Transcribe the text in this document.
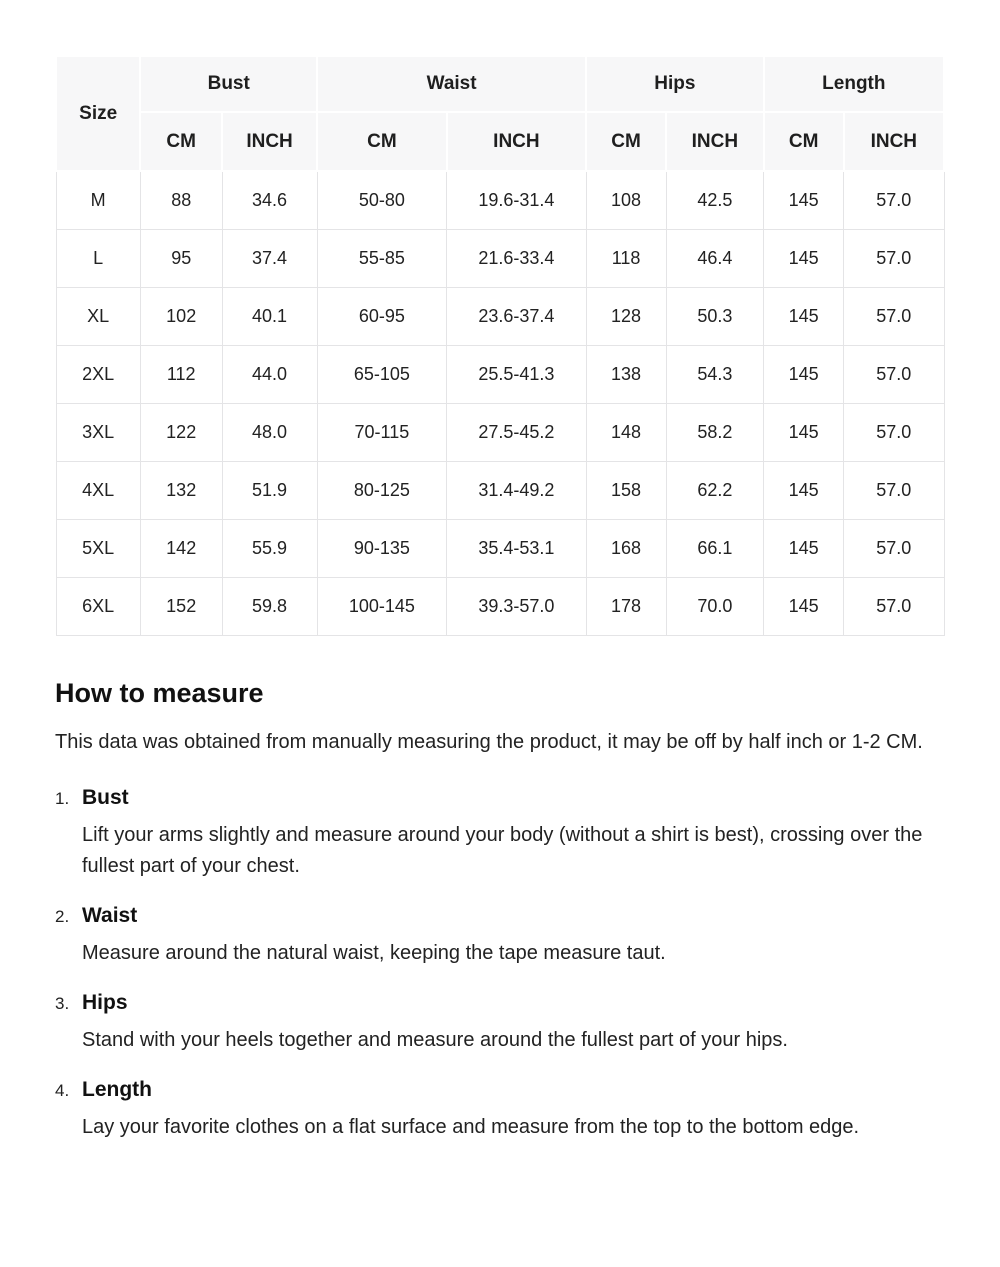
Size	Bust		Waist		Hips		Length	
	CM	INCH	CM	INCH	CM	INCH	CM	INCH
M	88	34.6	50-80	19.6-31.4	108	42.5	145	57.0
L	95	37.4	55-85	21.6-33.4	118	46.4	145	57.0
XL	102	40.1	60-95	23.6-37.4	128	50.3	145	57.0
2XL	112	44.0	65-105	25.5-41.3	138	54.3	145	57.0
3XL	122	48.0	70-115	27.5-45.2	148	58.2	145	57.0
4XL	132	51.9	80-125	31.4-49.2	158	62.2	145	57.0
5XL	142	55.9	90-135	35.4-53.1	168	66.1	145	57.0
6XL	152	59.8	100-145	39.3-57.0	178	70.0	145	57.0
How to measure

This data was obtained from manually measuring the product, it may be off by half inch or 1-2 CM.

1. Bust

Lift your arms slightly and measure around your body (without a shirt is best), crossing over the fullest part of your chest.

2. Waist

Measure around the natural waist, keeping the tape measure taut.

3. Hips

Stand with your heels together and measure around the fullest part of your hips.

4. Length

Lay your favorite clothes on a flat surface and measure from the top to the bottom edge.
